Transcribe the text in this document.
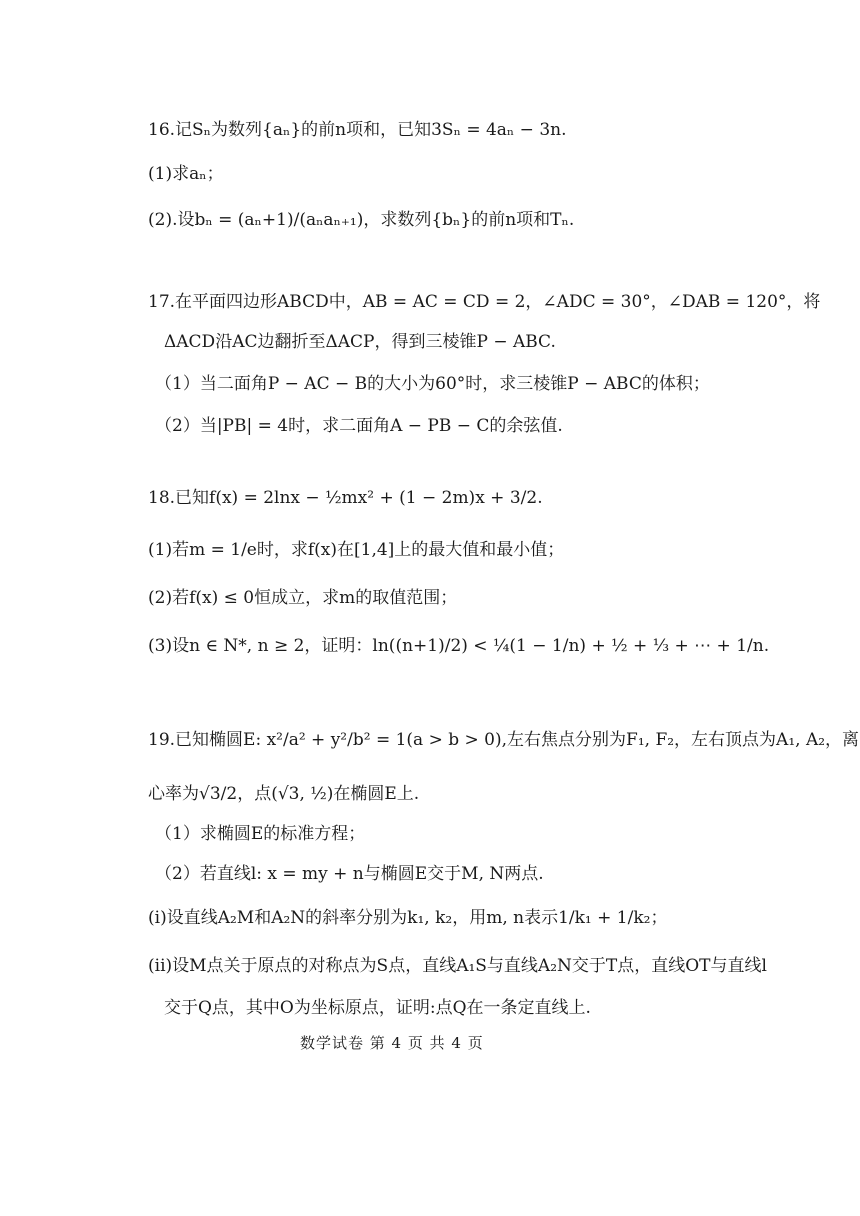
16.记Sₙ为数列{aₙ}的前n项和，已知3Sₙ = 4aₙ − 3n.
(1)求aₙ；
(2).设bₙ = (aₙ+1)/(aₙaₙ₊₁)，求数列{bₙ}的前n项和Tₙ.
17.在平面四边形ABCD中，AB = AC = CD = 2，∠ADC = 30°，∠DAB = 120°，将
ΔACD沿AC边翻折至ΔACP，得到三棱锥P − ABC.
（1）当二面角P − AC − B的大小为60°时，求三棱锥P − ABC的体积；
（2）当|PB| = 4时，求二面角A − PB − C的余弦值.
18.已知f(x) = 2lnx − ½mx² + (1 − 2m)x + 3/2.
(1)若m = 1/e时，求f(x)在[1,4]上的最大值和最小值；
(2)若f(x) ≤ 0恒成立，求m的取值范围；
(3)设n ∈ N*, n ≥ 2，证明：ln((n+1)/2) < ¼(1 − 1/n) + ½ + ⅓ + ⋯ + 1/n.
19.已知椭圆E: x²/a² + y²/b² = 1(a > b > 0),左右焦点分别为F₁, F₂，左右顶点为A₁, A₂，离
心率为√3/2，点(√3, ½)在椭圆E上.
（1）求椭圆E的标准方程；
（2）若直线l: x = my + n与椭圆E交于M, N两点.
(i)设直线A₂M和A₂N的斜率分别为k₁, k₂，用m, n表示1/k₁ + 1/k₂；
(ii)设M点关于原点的对称点为S点，直线A₁S与直线A₂N交于T点，直线OT与直线l
交于Q点，其中O为坐标原点，证明:点Q在一条定直线上.
数学试卷 第 4 页 共 4 页
